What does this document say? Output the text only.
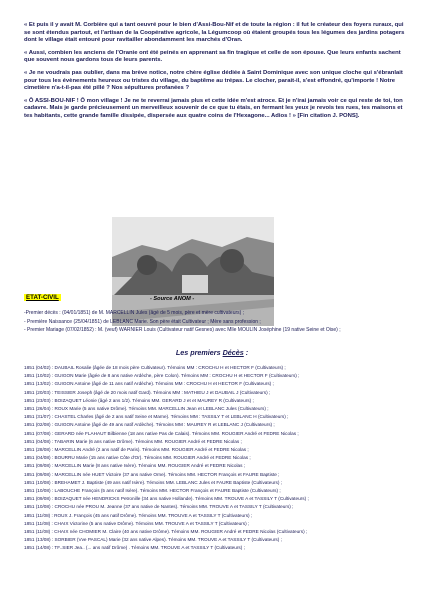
« Et puis il y avait M. Corbière qui a tant oeuvré pour le bien d'Assi-Bou-Nif et de toute la région : il fut le créateur des foyers ruraux, qui se sont étendus partout, et l'artisan de la Coopérative agricole, la Légumcoop où étaient groupés tous les légumes des jardins potagers dont le village était entouré pour ravitailler abondamment les marchés d'Oran.

« Aussi, combien les anciens de l'Oranie ont été peinés en apprenant sa fin tragique et celle de son épouse. Que leurs enfants sachent que souvent nous gardons tous de leurs parents.

« Je ne voudrais pas oublier, dans ma brève notice, notre chère église dédiée à Saint Dominique avec son unique cloche qui s'ébranlait pour tous les évènements heureux ou tristes du village, du baptême au trépas. Le clocher, parait-il, s'est effondré, qu'importe ! Notre cimetière n'a-t-il-pas été pillé ? Nos sépultures profanées ?

« Ô ASSI-BOU-NIF ! Ô mon village ! Je ne te reverrai jamais plus et cette idée m'est atroce. Et je n'irai jamais voir ce qui reste de toi, ton cadavre. Mais je garde précieusement un merveilleux souvenir de ce que tu étais, en fermant les yeux je revois tes rues, tes maisons et tes habitants, cette grande famille dissipée, dispersée aux quatre coins de l'Hexagone... Adios ! » [Fin citation J. PONS].

ETAT-CIVIL	- Source ANOM -
-Premier décès : (04/01/1851) de M. MARCELLIN Jules (âgé de 5 mois, père et mère cultivateurs) ;
- Première Naissance (25/04/1851) de LEBLANC Marie. Son père était Cultivateur ; Mère sans profession ;
- Premier Mariage (07/02/1852) : M. (veuf) WARNIER Louis (Cultivateur natif Gesnes) avec Mlle MOULIN Joséphine (19 native Seine et Oise) ;
Les premiers Décès :
1851 (04/02) : DAUBAIL Rosalie (âgée de 18 mois père Cultivateur). Témoins MM : CROCHU H et HECTOR F (Cultivateurs) ;
1851 (10/02) : GUIGON Marie (âgée de 8 ans native Ardèche, père Colon). Témoins MM : CROCHU H et HECTOR F (Cultivateurs) ;
1851 (13/02) : GUIGON Antoine (âgé de 11 ans natif Ardèche). Témoins MM : CROCHU H et HECTOR F (Cultivateurs) ;
1851 (20/03) : TEISSIER Joseph (âgé de 20 mois natif Gard). Témoins MM : MATHIEU J et DAUBAIL J (Cultivateurs) ;
1851 (23/03) : BOIZAQUET Léonie (âgé 2 ans 1/2). Témoins MM. GERARD J et et MAUREY R (Cultivateurs) ;
1851 (26/04) : ROUX Marie (5 ans native Drôme). Témoins MM. MARCELLIN Jean et LEBLANC Jules (Cultivateurs) ;
1851 (31/07) : CHASTEL Charles (âgé de 2 ans natif Seine et Marne). Témoins MM : TASSILY T et LEBLANC H (Cultivateurs) ;
1851 (02/08) : GUIGON Antoine (âgé de 49 ans natif Ardèche). Témoins MM : MAUREY R et LEBLANC J (Cultivateurs) ;
1851 (07/08) : GERARD née FLAHAUT Bilbienne (18 ans native Pas de Calais). Témoins MM. ROUGIER André et FEDRE Nicolas ;
1851 (04/08) : TABARIN Marie (6 ans native Drôme). Témoins MM. ROUGIER André et FEDRE Nicolas ;
1851 (28/08) : MARCELLIN André (2 ans natif de Paris). Témoins MM. ROUGIER André et FEDRE Nicolas ;
1851 (04/08) : BOURRU Marie (15 ans native Côte d'Or). Témoins MM. ROUGIER André et FEDRE Nicolas ;
1851 (09/08) : MARCELLIN Marie (8 ans native Isère). Témoins MM. ROUGIER André et FEDRE Nicolas ;
1851 (09/08) : MARCELLIN née HUET Victoire (37 ans native Orne). Témoins MM. HECTOR François et FAURE Baptiste ;
1851 (10/08) : BREHAMET J. Baptiste (49 ans natif Isère). Témoins MM. LEBLANC Jules et FAURE Baptiste (Cultivateurs) ;
1851 (10/08) : LABOUCHE François (5 ans natif Isère). Témoins MM. HECTOR François et FAURE Baptiste (Cultivateurs) ;
1851 (09/08) : BOIZAQUET née HENDRICKS Petronille (34 ans native Hollande). Témoins MM. TROUVE A et TASSILY T (Cultivateurs) ;
1851 (10/08) : CROCHU née PROU M. Jeanne (37 ans native de Nantes). Témoins MM. TROUVE A et TASSILY T (Cultivateurs) ;
1851 (11/08) : ROUX J. François (45 ans natif Drôme). Témoins MM. TROUVE A et TASSILY T (Cultivateurs) ;
1851 (11/08) : CHAIX Victorine (5 ans native Drôme). Témoins MM. TROUVE A et TASSILY T (Cultivateurs) ;
1851 (11/08) : CHAIX née CHOMIER M. Claire (40 ans native Drôme). Témoins MM. ROUGIER André et FEDRE Nicolas (Cultivateurs) ;
1851 (13/08) : SORBIER (Vve PASCAL) Marie (32 ans native Alpes). Témoins MM. TROUVE A et TASSILY T (Cultivateurs) ;
1851 (14/08) : TF..SIER Jea.. (... ans natif Drôme) . Témoins MM. TROUVE A et TASSILY T (Cultivateurs) ;
